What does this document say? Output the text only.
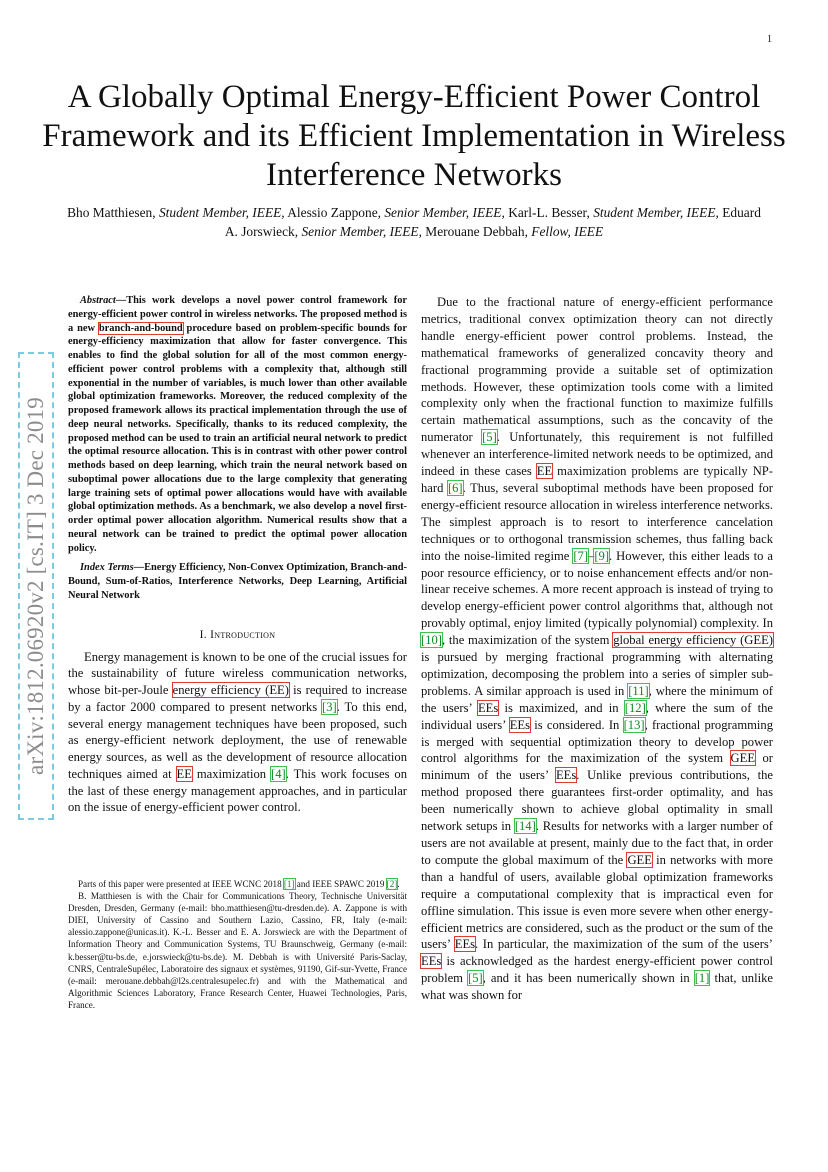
1
A Globally Optimal Energy-Efficient Power Control Framework and its Efficient Implementation in Wireless Interference Networks
Bho Matthiesen, Student Member, IEEE, Alessio Zappone, Senior Member, IEEE, Karl-L. Besser, Student Member, IEEE, Eduard A. Jorswieck, Senior Member, IEEE, Merouane Debbah, Fellow, IEEE
arXiv:1812.06920v2 [cs.IT] 3 Dec 2019

Abstract—This work develops a novel power control framework for energy-efficient power control in wireless networks. The proposed method is a new branch-and-bound procedure based on problem-specific bounds for energy-efficiency maximization that allow for faster convergence. This enables to find the global solution for all of the most common energy-efficient power control problems with a complexity that, although still exponential in the number of variables, is much lower than other available global optimization frameworks. Moreover, the reduced complexity of the proposed framework allows its practical implementation through the use of deep neural networks. Specifically, thanks to its reduced complexity, the proposed method can be used to train an artificial neural network to predict the optimal resource allocation. This is in contrast with other power control methods based on deep learning, which train the neural network based on suboptimal power allocations due to the large complexity that generating large training sets of optimal power allocations would have with available global optimization methods. As a benchmark, we also develop a novel first-order optimal power allocation algorithm. Numerical results show that a neural network can be trained to predict the optimal power allocation policy.

Index Terms—Energy Efficiency, Non-Convex Optimization, Branch-and-Bound, Sum-of-Ratios, Interference Networks, Deep Learning, Artificial Neural Network

I. Introduction

Energy management is known to be one of the crucial issues for the sustainability of future wireless communication networks, whose bit-per-Joule energy efficiency (EE) is required to increase by a factor 2000 compared to present networks [3]. To this end, several energy management techniques have been proposed, such as energy-efficient network deployment, the use of renewable energy sources, as well as the development of resource allocation techniques aimed at EE maximization [4]. This work focuses on the last of these energy management approaches, and in particular on the issue of energy-efficient power control.

Parts of this paper were presented at IEEE WCNC 2018 [1] and IEEE SPAWC 2019 [2].

B. Matthiesen is with the Chair for Communications Theory, Technische Universität Dresden, Dresden, Germany (e-mail: bho.matthiesen@tu-dresden.de). A. Zappone is with DIEI, University of Cassino and Southern Lazio, Cassino, FR, Italy (e-mail: alessio.zappone@unicas.it). K.-L. Besser and E. A. Jorswieck are with the Department of Information Theory and Communication Systems, TU Braunschweig, Germany (e-mail: k.besser@tu-bs.de, e.jorswieck@tu-bs.de). M. Debbah is with Université Paris-Saclay, CNRS, CentraleSupélec, Laboratoire des signaux et systèmes, 91190, Gif-sur-Yvette, France (e-mail: merouane.debbah@l2s.centralesupelec.fr) and with the Mathematical and Algorithmic Sciences Laboratory, France Research Center, Huawei Technologies, Paris, France.

Due to the fractional nature of energy-efficient performance metrics, traditional convex optimization theory can not directly handle energy-efficient power control problems. Instead, the mathematical frameworks of generalized concavity theory and fractional programming provide a suitable set of optimization methods. However, these optimization tools come with a limited complexity only when the fractional function to maximize fulfills certain mathematical assumptions, such as the concavity of the numerator [5]. Unfortunately, this requirement is not fulfilled whenever an interference-limited network needs to be optimized, and indeed in these cases EE maximization problems are typically NP-hard [6]. Thus, several suboptimal methods have been proposed for energy-efficient resource allocation in wireless interference networks. The simplest approach is to resort to interference cancelation techniques or to orthogonal transmission schemes, thus falling back into the noise-limited regime [7]–[9]. However, this either leads to a poor resource efficiency, or to noise enhancement effects and/or non-linear receive schemes. A more recent approach is instead of trying to develop energy-efficient power control algorithms that, although not provably optimal, enjoy limited (typically polynomial) complexity. In [10], the maximization of the system global energy efficiency (GEE) is pursued by merging fractional programming with alternating optimization, decomposing the problem into a series of simpler sub-problems. A similar approach is used in [11], where the minimum of the users’ EEs is maximized, and in [12], where the sum of the individual users’ EEs is considered. In [13], fractional programming is merged with sequential optimization theory to develop power control algorithms for the maximization of the system GEE or minimum of the users’ EEs. Unlike previous contributions, the method proposed there guarantees first-order optimality, and has been numerically shown to achieve global optimality in small network setups in [14]. Results for networks with a larger number of users are not available at present, mainly due to the fact that, in order to compute the global maximum of the GEE in networks with more than a handful of users, available global optimization frameworks require a computational complexity that is impractical even for offline simulation. This issue is even more severe when other energy-efficient metrics are considered, such as the product or the sum of the users’ EEs. In particular, the maximization of the sum of the users’ EEs is acknowledged as the hardest energy-efficient power control problem [5], and it has been numerically shown in [1] that, unlike what was shown for
